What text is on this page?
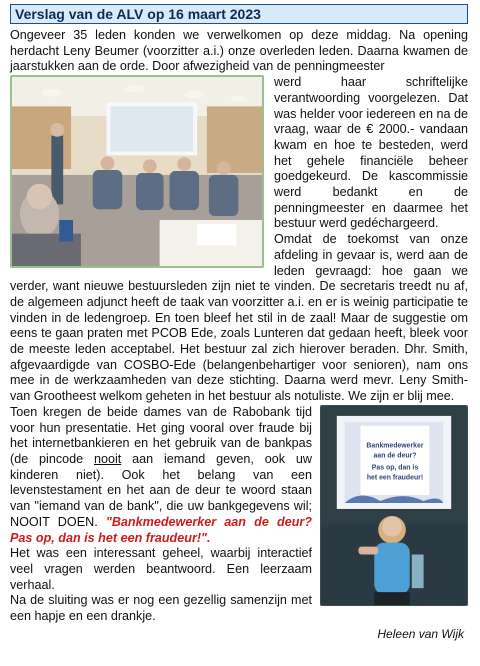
Verslag van de ALV op 16 maart 2023

Ongeveer 35 leden konden we verwelkomen op deze middag. Na opening herdacht Leny Beumer (voorzitter a.i.) onze overleden leden. Daarna kwamen de jaarstukken aan de orde. Door afwezigheid van de penningmeester

werd haar schriftelijke verantwoording voorgelezen. Dat was helder voor iedereen en na de vraag, waar de € 2000.- vandaan kwam en hoe te besteden, werd het gehele financiële beheer goedgekeurd. De kascommissie werd bedankt en de penningmeester en daarmee het bestuur werd gedéchargeerd.

Omdat de toekomst van onze afdeling in gevaar is, werd aan de leden gevraagd: hoe gaan we verder, want nieuwe bestuursleden zijn niet te vinden. De secretaris treedt nu af, de algemeen adjunct heeft de taak van voorzitter a.i. en er is weinig participatie te vinden in de ledengroep. En toen bleef het stil in de zaal! Maar de suggestie om eens te gaan praten met PCOB Ede, zoals Lunteren dat gedaan heeft, bleek voor de meeste leden acceptabel. Het bestuur zal zich hierover beraden. Dhr. Smith, afgevaardigde van COSBO-Ede (belangenbehartiger voor senioren), nam ons mee in de werkzaamheden van deze stichting. Daarna werd mevr. Leny Smith-van Grootheest welkom geheten in het bestuur als notuliste. We zijn er blij mee.

Bankmedewerker
aan de deur?
Pas op, dan is
het een fraudeur!

Toen kregen de beide dames van de Rabobank tijd voor hun presentatie. Het ging vooral over fraude bij het internetbankieren en het gebruik van de bankpas (de pincode nooit aan iemand geven, ook uw kinderen niet). Ook het belang van een levenstestament en het aan de deur te woord staan van "iemand van de bank", die uw bankgegevens wil; NOOIT DOEN. "Bankmedewerker aan de deur? Pas op, dan is het een fraudeur!".

Het was een interessant geheel, waarbij interactief veel vragen werden beantwoord. Een leerzaam verhaal.

Na de sluiting was er nog een gezellig samenzijn met een hapje en een drankje.

Heleen van Wijk
